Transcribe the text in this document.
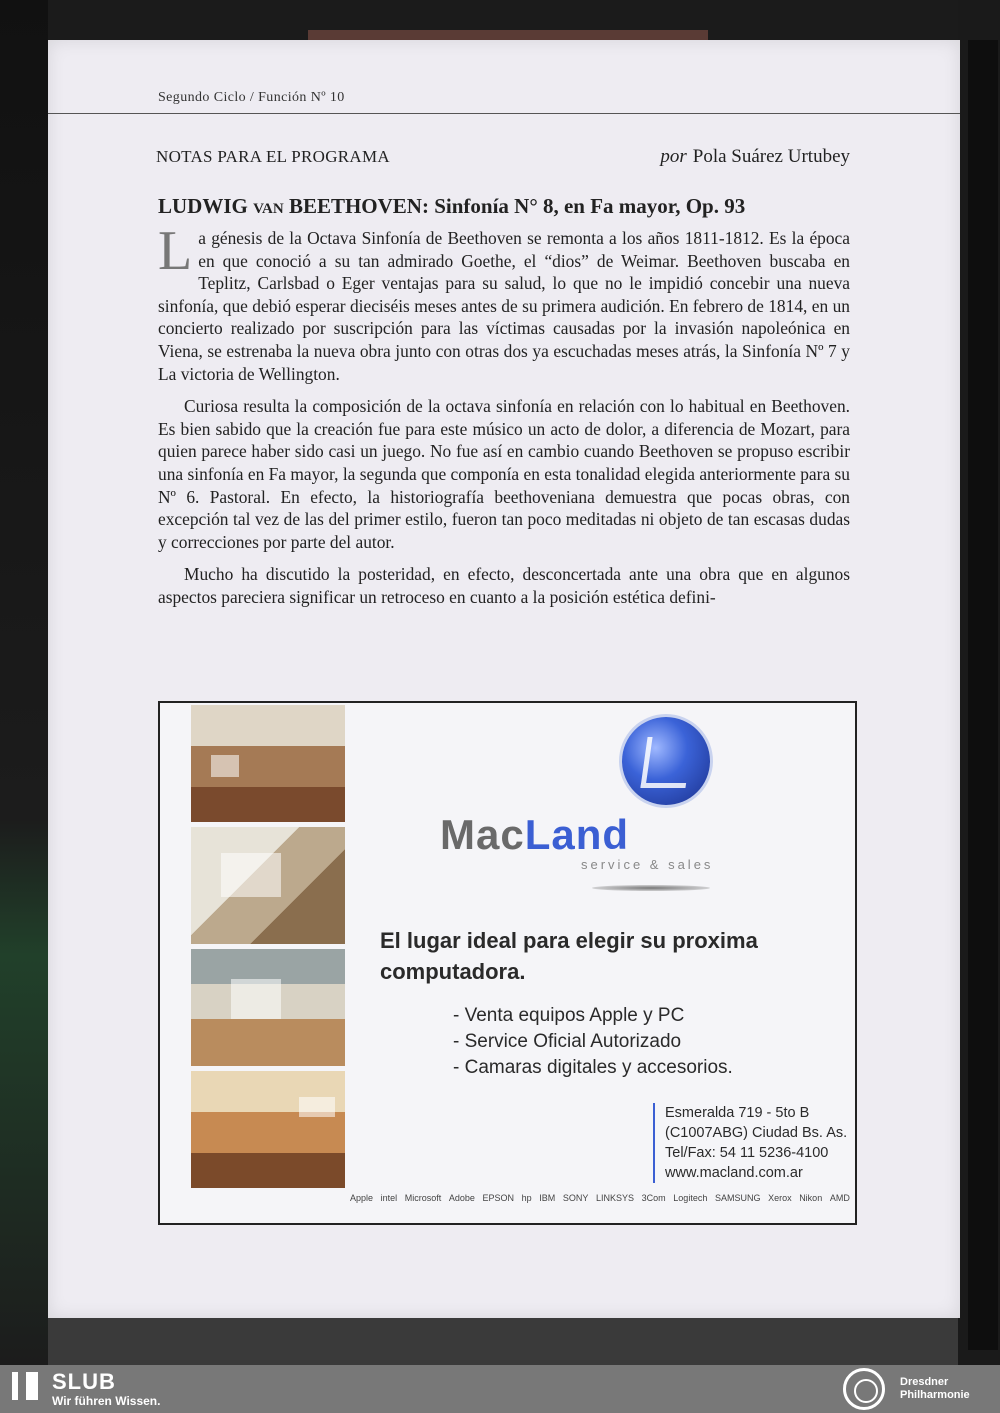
Segundo Ciclo / Función Nº 10
NOTAS PARA EL PROGRAMA	por Pola Suárez Urtubey
LUDWIG VAN BEETHOVEN: Sinfonía N° 8, en Fa mayor, Op. 93

La génesis de la Octava Sinfonía de Beethoven se remonta a los años 1811-1812. Es la época en que conoció a su tan admirado Goethe, el “dios” de Weimar. Beethoven buscaba en Teplitz, Carlsbad o Eger ventajas para su salud, lo que no le impidió concebir una nueva sinfonía, que debió esperar dieciséis meses antes de su primera audición. En febrero de 1814, en un concierto realizado por suscripción para las víctimas causadas por la invasión napoleónica en Viena, se estrenaba la nueva obra junto con otras dos ya escuchadas meses atrás, la Sinfonía Nº 7 y La victoria de Wellington.

Curiosa resulta la composición de la octava sinfonía en relación con lo habitual en Beethoven. Es bien sabido que la creación fue para este músico un acto de dolor, a diferencia de Mozart, para quien parece haber sido casi un juego. No fue así en cambio cuando Beethoven se propuso escribir una sinfonía en Fa mayor, la segunda que componía en esta tonalidad elegida anteriormente para su Nº 6. Pastoral. En efecto, la historiografía beethoveniana demuestra que pocas obras, con excepción tal vez de las del primer estilo, fueron tan poco meditadas ni objeto de tan escasas dudas y correcciones por parte del autor.

Mucho ha discutido la posteridad, en efecto, desconcertada ante una obra que en algunos aspectos pareciera significar un retroceso en cuanto a la posición estética defini-

MacLand
service & sales
El lugar ideal para elegir su proxima computadora.
- Venta equipos Apple y PC
- Service Oficial Autorizado
- Camaras digitales y accesorios.
Esmeralda 719 - 5to B
(C1007ABG) Ciudad Bs. As.
Tel/Fax: 54 11 5236-4100
www.macland.com.ar
Apple intel Microsoft Adobe EPSON hp IBM SONY LINKSYS 3Com Logitech SAMSUNG Xerox Nikon AMD
SLUB
Wir führen Wissen.
Dresdner
Philharmonie
